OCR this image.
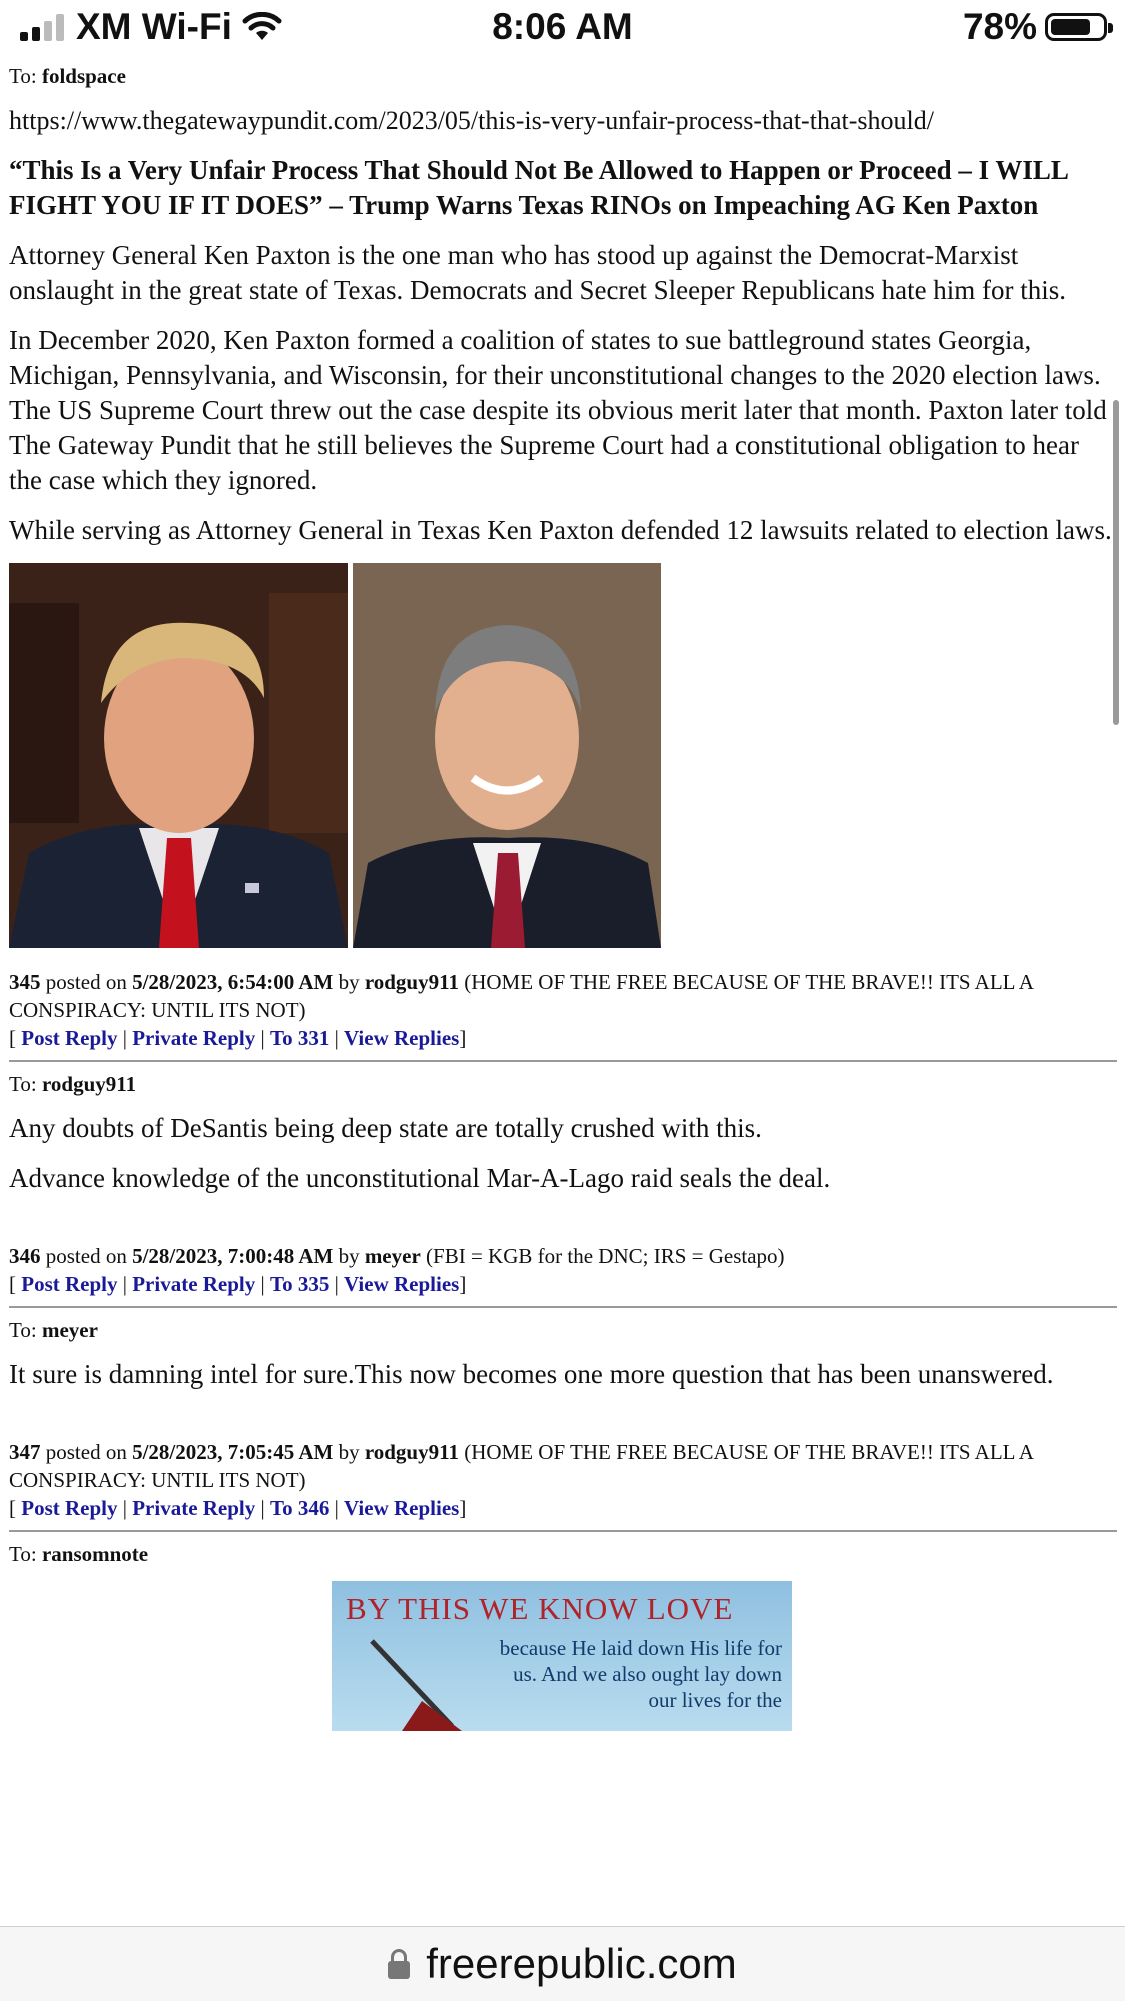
XM Wi-Fi	8:06 AM	78%
To: foldspace

https://www.thegatewaypundit.com/2023/05/this-is-very-unfair-process-that-that-should/

“This Is a Very Unfair Process That Should Not Be Allowed to Happen or Proceed – I WILL FIGHT YOU IF IT DOES” – Trump Warns Texas RINOs on Impeaching AG Ken Paxton

Attorney General Ken Paxton is the one man who has stood up against the Democrat-Marxist onslaught in the great state of Texas. Democrats and Secret Sleeper Republicans hate him for this.

In December 2020, Ken Paxton formed a coalition of states to sue battleground states Georgia, Michigan, Pennsylvania, and Wisconsin, for their unconstitutional changes to the 2020 election laws. The US Supreme Court threw out the case despite its obvious merit later that month. Paxton later told The Gateway Pundit that he still believes the Supreme Court had a constitutional obligation to hear the case which they ignored.

While serving as Attorney General in Texas Ken Paxton defended 12 lawsuits related to election laws.

345 posted on 5/28/2023, 6:54:00 AM by rodguy911 (HOME OF THE FREE BECAUSE OF THE BRAVE!! ITS ALL A CONSPIRACY: UNTIL ITS NOT)

[ Post Reply | Private Reply | To 331 | View Replies]

To: rodguy911

Any doubts of DeSantis being deep state are totally crushed with this.

Advance knowledge of the unconstitutional Mar-A-Lago raid seals the deal.

346 posted on 5/28/2023, 7:00:48 AM by meyer (FBI = KGB for the DNC; IRS = Gestapo)

[ Post Reply | Private Reply | To 335 | View Replies]

To: meyer

It sure is damning intel for sure.This now becomes one more question that has been unanswered.

347 posted on 5/28/2023, 7:05:45 AM by rodguy911 (HOME OF THE FREE BECAUSE OF THE BRAVE!! ITS ALL A CONSPIRACY: UNTIL ITS NOT)

[ Post Reply | Private Reply | To 346 | View Replies]

To: ransomnote
BY THIS WE KNOW LOVE
because He laid down His life for us. And we also ought lay down our lives for the
freerepublic.com
